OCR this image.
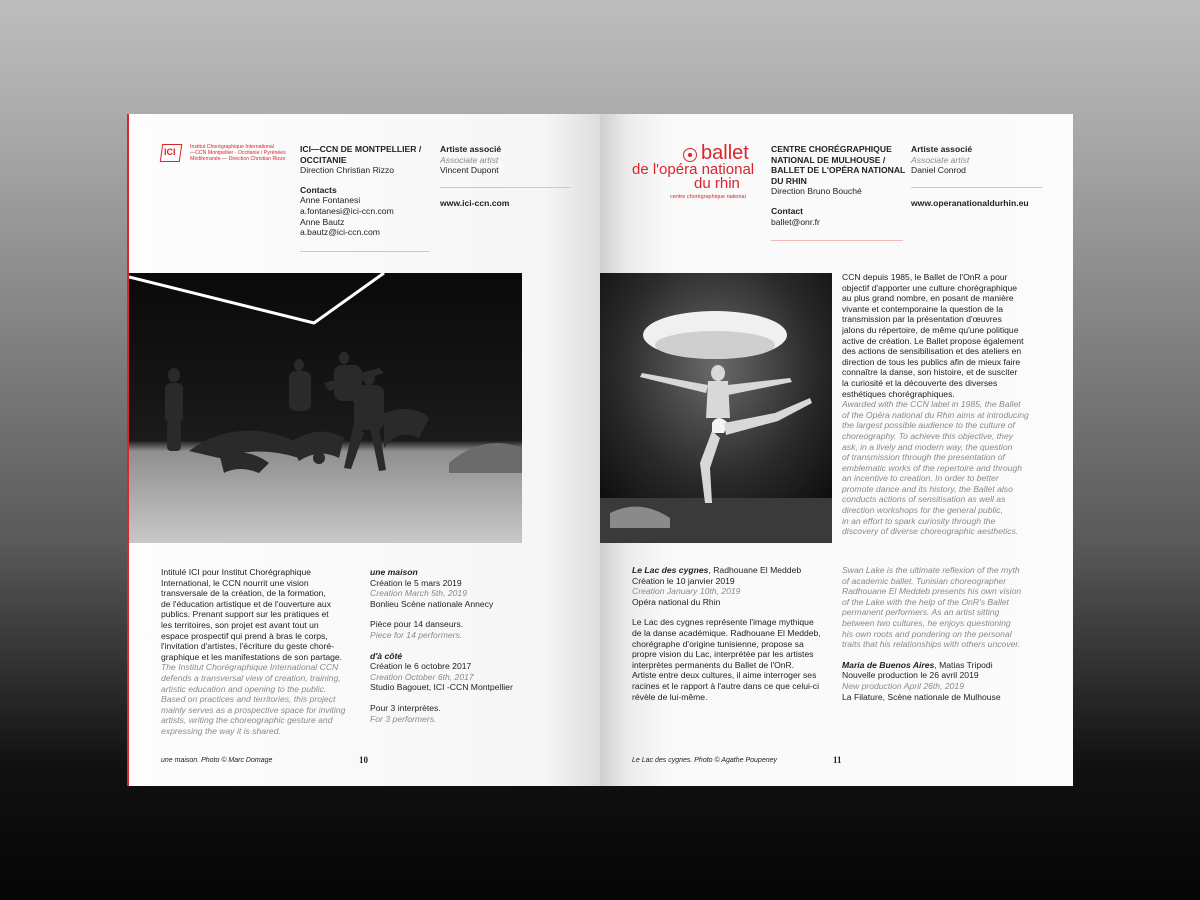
ICI	Institut Chorégraphique International
—CCN Montpellier · Occitanie / Pyrénées
Méditerranée — Direction Christian Rizzo
ICI—CCN DE MONTPELLIER /
OCCITANIE
Direction Christian Rizzo
Contacts
Anne Fontanesi
a.fontanesi@ici-ccn.com
Anne Bautz
a.bautz@ici-ccn.com
Artiste associé
Associate artist
Vincent Dupont
www.ici-ccn.com
Intitulé ICI pour Institut Chorégraphique
International, le CCN nourrit une vision
transversale de la création, de la formation,
de l'éducation artistique et de l'ouverture aux
publics. Prenant support sur les pratiques et
les territoires, son projet est avant tout un
espace prospectif qui prend à bras le corps,
l'invitation d'artistes, l'écriture du geste choré-
graphique et les manifestations de son partage.
The Institut Chorégraphique International CCN
defends a transversal view of creation, training,
artistic education and opening to the public.
Based on practices and territories, this project
mainly serves as a prospective space for inviting
artists, writing the choreographic gesture and
expressing the way it is shared.
une maison
Création le 5 mars 2019
Creation March 5th, 2019
Bonlieu Scène nationale Annecy
Pièce pour 14 danseurs.
Piece for 14 performers.
d'à côté
Création le 6 octobre 2017
Creation October 6th, 2017
Studio Bagouet, ICI -CCN Montpellier
Pour 3 interprètes.
For 3 performers.
une maison. Photo © Marc Domage	10
ballet
de l'opéra national
du rhin
centre chorégraphique national
CENTRE CHORÉGRAPHIQUE
NATIONAL DE MULHOUSE /
BALLET DE L'OPÉRA NATIONAL
DU RHIN
Direction Bruno Bouché
Contact
ballet@onr.fr
Artiste associé
Associate artist
Daniel Conrod
www.operanationaldurhin.eu
CCN depuis 1985, le Ballet de l'OnR a pour
objectif d'apporter une culture chorégraphique
au plus grand nombre, en posant de manière
vivante et contemporaine la question de la
transmission par la présentation d'œuvres
jalons du répertoire, de même qu'une politique
active de création. Le Ballet propose également
des actions de sensibilisation et des ateliers en
direction de tous les publics afin de mieux faire
connaître la danse, son histoire, et de susciter
la curiosité et la découverte des diverses
esthétiques chorégraphiques.
Awarded with the CCN label in 1985, the Ballet
of the Opéra national du Rhin aims at introducing
the largest possible audience to the culture of
choreography. To achieve this objective, they
ask, in a lively and modern way, the question
of transmission through the presentation of
emblematic works of the repertoire and through
an incentive to creation. In order to better
promote dance and its history, the Ballet also
conducts actions of sensitisation as well as
direction workshops for the general public,
in an effort to spark curiosity through the
discovery of diverse choreographic aesthetics.
Le Lac des cygnes, Radhouane El Meddeb
Création le 10 janvier 2019
Creation January 10th, 2019
Opéra national du Rhin
Le Lac des cygnes représente l'image mythique
de la danse académique. Radhouane El Meddeb,
chorégraphe d'origine tunisienne, propose sa
propre vision du Lac, interprétée par les artistes
interprètes permanents du Ballet de l'OnR.
Artiste entre deux cultures, il aime interroger ses
racines et le rapport à l'autre dans ce que celui-ci
révèle de lui-même.
Swan Lake is the ultimate reflexion of the myth
of academic ballet. Tunisian choreographer
Radhouane El Meddeb presents his own vision
of the Lake with the help of the OnR's Ballet
permanent performers. As an artist sitting
between two cultures, he enjoys questioning
his own roots and pondering on the personal
traits that his relationships with others uncover.
Maria de Buenos Aires, Matias Tripodi
Nouvelle production le 26 avril 2019
New production April 26th, 2019
La Filature, Scène nationale de Mulhouse
Le Lac des cygnes. Photo © Agathe Poupeney	11
